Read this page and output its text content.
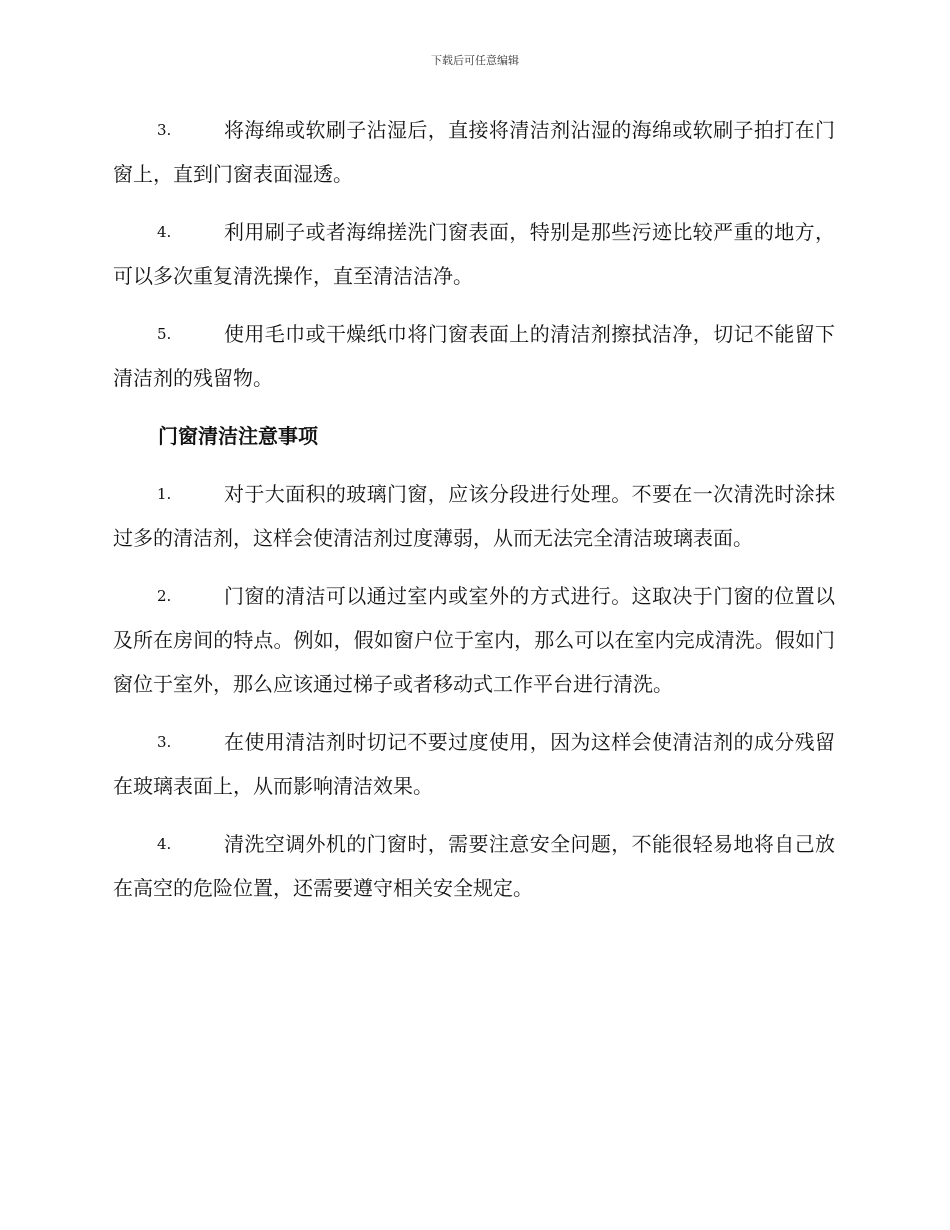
下载后可任意编辑
3.	将海绵或软刷子沾湿后，直接将清洁剂沾湿的海绵或软刷子拍打在门窗上，直到门窗表面湿透。
4.	利用刷子或者海绵搓洗门窗表面，特别是那些污迹比较严重的地方，可以多次重复清洗操作，直至清洁洁净。
5.	使用毛巾或干燥纸巾将门窗表面上的清洁剂擦拭洁净，切记不能留下清洁剂的残留物。
门窗清洁注意事项
1.	对于大面积的玻璃门窗，应该分段进行处理。不要在一次清洗时涂抹过多的清洁剂，这样会使清洁剂过度薄弱，从而无法完全清洁玻璃表面。
2.	门窗的清洁可以通过室内或室外的方式进行。这取决于门窗的位置以及所在房间的特点。例如，假如窗户位于室内，那么可以在室内完成清洗。假如门窗位于室外，那么应该通过梯子或者移动式工作平台进行清洗。
3.	在使用清洁剂时切记不要过度使用，因为这样会使清洁剂的成分残留在玻璃表面上，从而影响清洁效果。
4.	清洗空调外机的门窗时，需要注意安全问题，不能很轻易地将自己放在高空的危险位置，还需要遵守相关安全规定。
